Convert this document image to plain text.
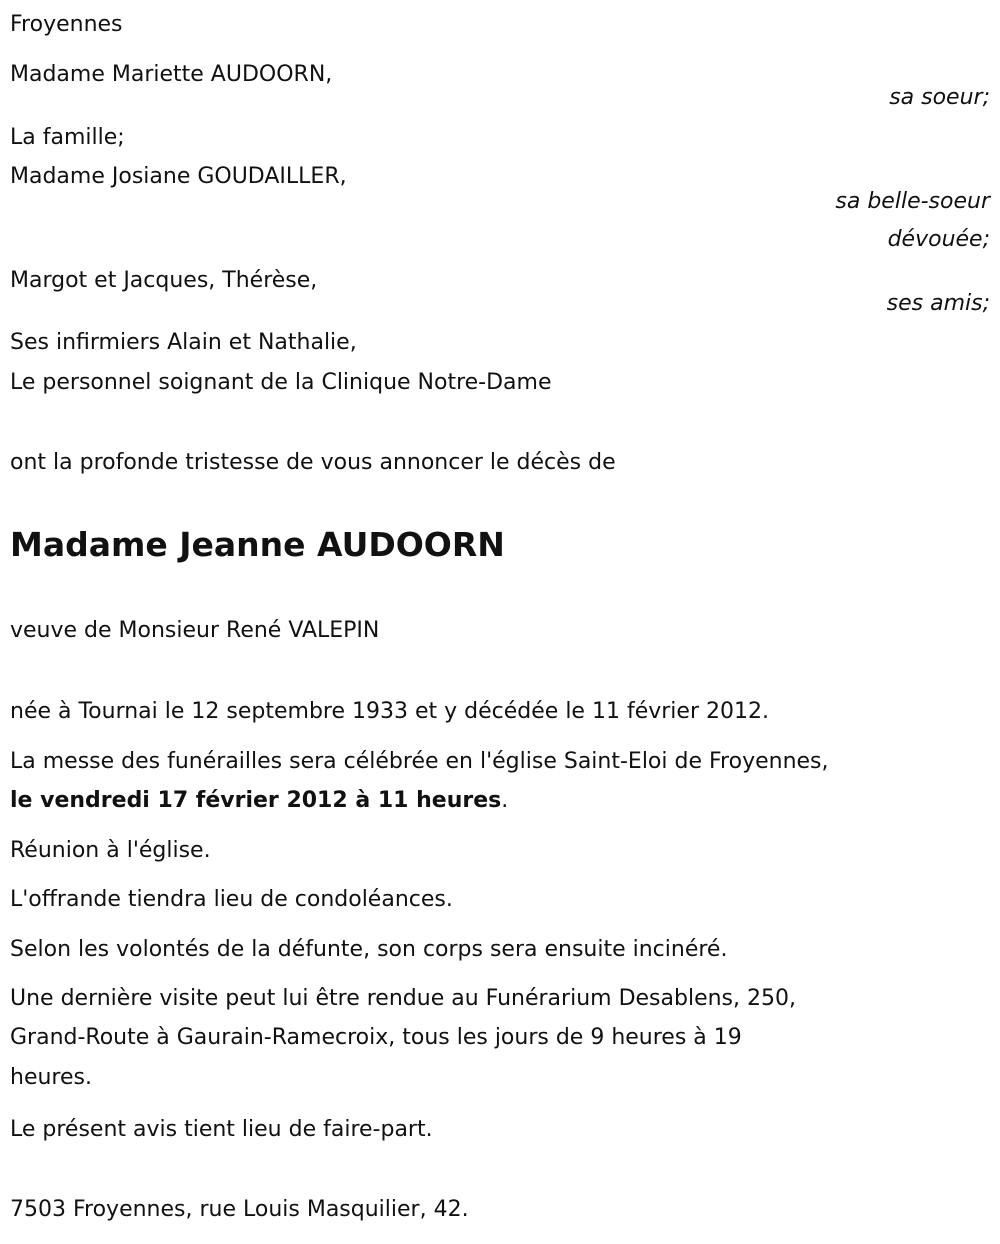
Froyennes
Madame Mariette AUDOORN,
sa soeur;
La famille;
Madame Josiane GOUDAILLER,
sa belle-soeur
dévouée;
Margot et Jacques, Thérèse,
ses amis;
Ses infirmiers Alain et Nathalie,
Le personnel soignant de la Clinique Notre-Dame
ont la profonde tristesse de vous annoncer le décès de
Madame Jeanne AUDOORN
veuve de Monsieur René VALEPIN
née à Tournai le 12 septembre 1933 et y décédée le 11 février 2012.
La messe des funérailles sera célébrée en l'église Saint-Eloi de Froyennes,
le vendredi 17 février 2012 à 11 heures.
Réunion à l'église.
L'offrande tiendra lieu de condoléances.
Selon les volontés de la défunte, son corps sera ensuite incinéré.
Une dernière visite peut lui être rendue au Funérarium Desablens, 250,
Grand-Route à Gaurain-Ramecroix, tous les jours de 9 heures à 19
heures.
Le présent avis tient lieu de faire-part.
7503 Froyennes, rue Louis Masquilier, 42.
